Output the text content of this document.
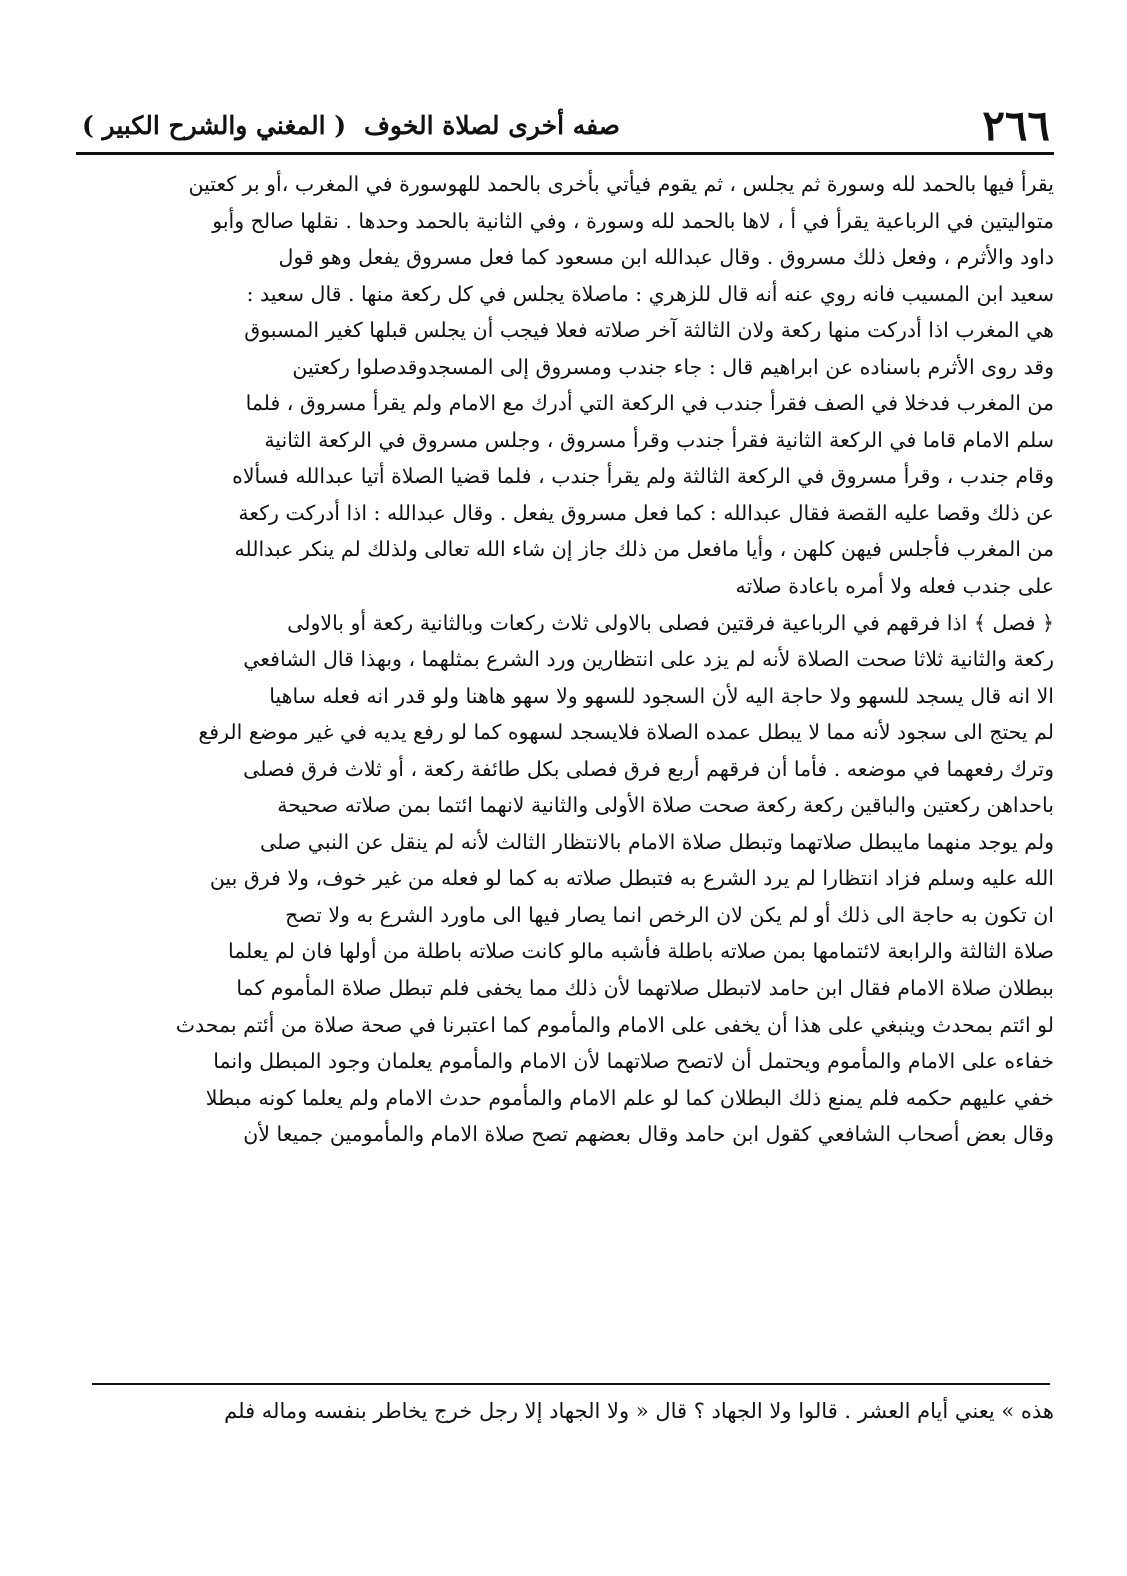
٢٦٦
صفه أخرى لصلاة الخوف
( المغني والشرح الكبير )
يقرأ فيها بالحمد لله وسورة ثم يجلس ، ثم يقوم فيأتي بأخرى بالحمد للهوسورة في المغرب ،أو بر كعتين
متواليتين في الرباعية يقرأ في أ ، لاها بالحمد لله وسورة ، وفي الثانية بالحمد وحدها . نقلها صالح وأبو
داود والأثرم ، وفعل ذلك مسروق . وقال عبدالله ابن مسعود كما فعل مسروق يفعل وهو قول
سعيد ابن المسيب فانه روي عنه أنه قال للزهري : ماصلاة يجلس في كل ركعة منها . قال سعيد :
هي المغرب اذا أدركت منها ركعة ولان الثالثة آخر صلاته فعلا فيجب أن يجلس قبلها كغير المسبوق
وقد روى الأثرم باسناده عن ابراهيم قال : جاء جندب ومسروق إلى المسجدوقدصلوا ركعتين
من المغرب فدخلا في الصف فقرأ جندب في الركعة التي أدرك مع الامام ولم يقرأ مسروق ، فلما
سلم الامام قاما في الركعة الثانية فقرأ جندب وقرأ مسروق ، وجلس مسروق في الركعة الثانية
وقام جندب ، وقرأ مسروق في الركعة الثالثة ولم يقرأ جندب ، فلما قضيا الصلاة أتيا عبدالله فسألاه
عن ذلك وقصا عليه القصة فقال عبدالله : كما فعل مسروق يفعل . وقال عبدالله : اذا أدركت ركعة
من المغرب فأجلس فيهن كلهن ، وأيا مافعل من ذلك جاز إن شاء الله تعالى ولذلك لم ينكر عبدالله
على جندب فعله ولا أمره باعادة صلاته
﴿ فصل ﴾ اذا فرقهم في الرباعية فرقتين فصلى بالاولى ثلاث ركعات وبالثانية ركعة أو بالاولى
ركعة والثانية ثلاثا صحت الصلاة لأنه لم يزد على انتظارين ورد الشرع بمثلهما ، وبهذا قال الشافعي
الا انه قال يسجد للسهو ولا حاجة اليه لأن السجود للسهو ولا سهو هاهنا ولو قدر انه فعله ساهيا
لم يحتج الى سجود لأنه مما لا يبطل عمده الصلاة فلايسجد لسهوه كما لو رفع يديه في غير موضع الرفع
وترك رفعهما في موضعه . فأما أن فرقهم أربع فرق فصلى بكل طائفة ركعة ، أو ثلاث فرق فصلى
باحداهن ركعتين والباقين ركعة ركعة صحت صلاة الأولى والثانية لانهما ائتما بمن صلاته صحيحة
ولم يوجد منهما مايبطل صلاتهما وتبطل صلاة الامام بالانتظار الثالث لأنه لم ينقل عن النبي صلى
الله عليه وسلم فزاد انتظارا لم يرد الشرع به فتبطل صلاته به كما لو فعله من غير خوف، ولا فرق بين
ان تكون به حاجة الى ذلك أو لم يكن لان الرخص انما يصار فيها الى ماورد الشرع به ولا تصح
صلاة الثالثة والرابعة لائتمامها بمن صلاته باطلة فأشبه مالو كانت صلاته باطلة من أولها فان لم يعلما
ببطلان صلاة الامام فقال ابن حامد لاتبطل صلاتهما لأن ذلك مما يخفى فلم تبطل صلاة المأموم كما
لو ائتم بمحدث وينبغي على هذا أن يخفى على الامام والمأموم كما اعتبرنا في صحة صلاة من أئتم بمحدث
خفاءه على الامام والمأموم ويحتمل أن لاتصح صلاتهما لأن الامام والمأموم يعلمان وجود المبطل وانما
خفي عليهم حكمه فلم يمنع ذلك البطلان كما لو علم الامام والمأموم حدث الامام ولم يعلما كونه مبطلا
وقال بعض أصحاب الشافعي كقول ابن حامد وقال بعضهم تصح صلاة الامام والمأمومين جميعا لأن
هذه » يعني أيام العشر . قالوا ولا الجهاد ؟ قال « ولا الجهاد إلا رجل خرج يخاطر بنفسه وماله فلم
